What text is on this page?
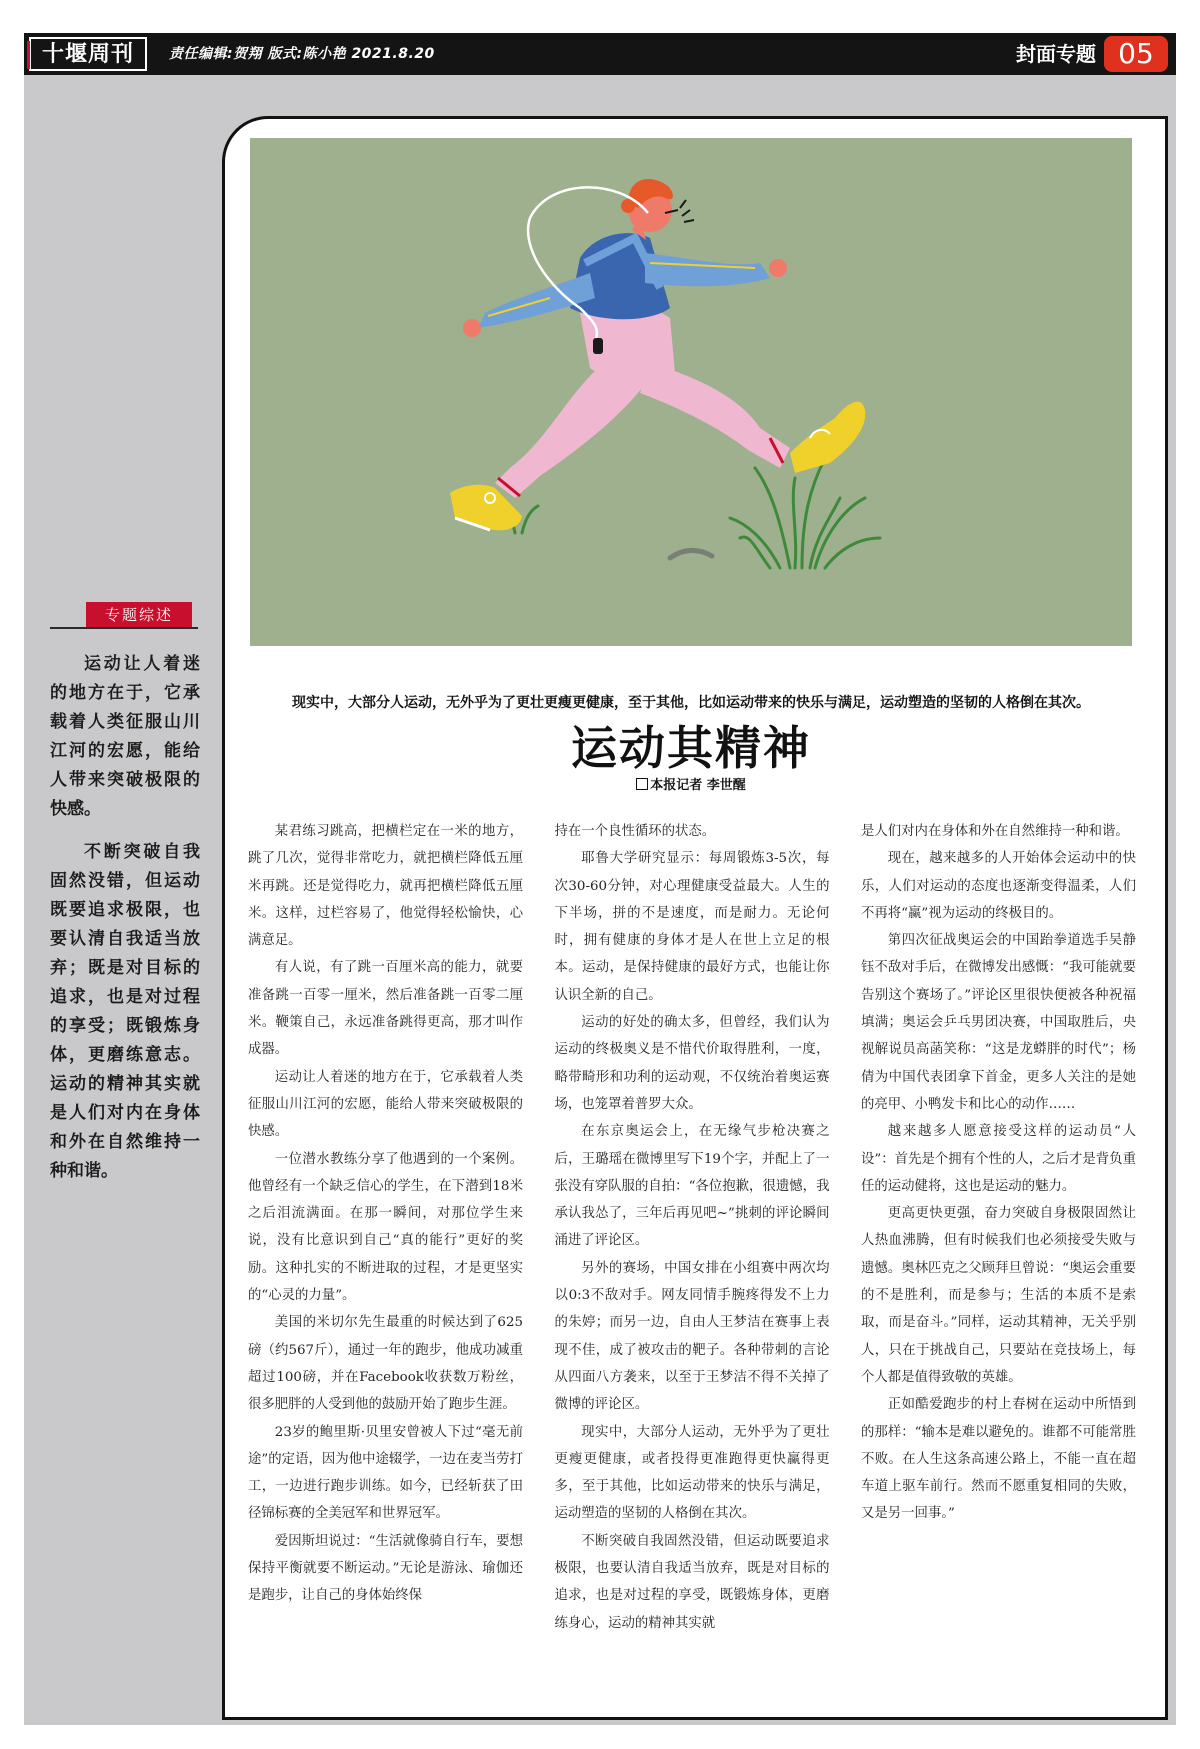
十堰周刊	责任编辑:贺翔 版式:陈小艳 2021.8.20	封面专题 05
专题综述

运动让人着迷的地方在于，它承载着人类征服山川江河的宏愿，能给人带来突破极限的快感。

不断突破自我固然没错，但运动既要追求极限，也要认清自我适当放弃；既是对目标的追求，也是对过程的享受；既锻炼身体，更磨练意志。运动的精神其实就是人们对内在身体和外在自然维持一种和谐。

现实中，大部分人运动，无外乎为了更壮更瘦更健康，至于其他，比如运动带来的快乐与满足，运动塑造的坚韧的人格倒在其次。
运动其精神
本报记者 李世醒

某君练习跳高，把横栏定在一米的地方，跳了几次，觉得非常吃力，就把横栏降低五厘米再跳。还是觉得吃力，就再把横栏降低五厘米。这样，过栏容易了，他觉得轻松愉快，心满意足。

有人说，有了跳一百厘米高的能力，就要准备跳一百零一厘米，然后准备跳一百零二厘米。鞭策自己，永远准备跳得更高，那才叫作成器。

运动让人着迷的地方在于，它承载着人类征服山川江河的宏愿，能给人带来突破极限的快感。

一位潜水教练分享了他遇到的一个案例。他曾经有一个缺乏信心的学生，在下潜到18米之后泪流满面。在那一瞬间，对那位学生来说，没有比意识到自己“真的能行”更好的奖励。这种扎实的不断进取的过程，才是更坚实的“心灵的力量”。

美国的米切尔先生最重的时候达到了625磅（约567斤），通过一年的跑步，他成功减重超过100磅，并在Facebook收获数万粉丝，很多肥胖的人受到他的鼓励开始了跑步生涯。

23岁的鲍里斯·贝里安曾被人下过“毫无前途”的定语，因为他中途辍学，一边在麦当劳打工，一边进行跑步训练。如今，已经斩获了田径锦标赛的全美冠军和世界冠军。

爱因斯坦说过：“生活就像骑自行车，要想保持平衡就要不断运动。”无论是游泳、瑜伽还是跑步，让自己的身体始终保

持在一个良性循环的状态。

耶鲁大学研究显示：每周锻炼3-5次，每次30-60分钟，对心理健康受益最大。人生的下半场，拼的不是速度，而是耐力。无论何时，拥有健康的身体才是人在世上立足的根本。运动，是保持健康的最好方式，也能让你认识全新的自己。

运动的好处的确太多，但曾经，我们认为运动的终极奥义是不惜代价取得胜利，一度，略带畸形和功利的运动观，不仅统治着奥运赛场，也笼罩着普罗大众。

在东京奥运会上，在无缘气步枪决赛之后，王璐瑶在微博里写下19个字，并配上了一张没有穿队服的自拍：“各位抱歉，很遗憾，我承认我怂了，三年后再见吧~”挑刺的评论瞬间涌进了评论区。

另外的赛场，中国女排在小组赛中两次均以0:3不敌对手。网友同情手腕疼得发不上力的朱婷；而另一边，自由人王梦洁在赛事上表现不佳，成了被攻击的靶子。各种带刺的言论从四面八方袭来，以至于王梦洁不得不关掉了微博的评论区。

现实中，大部分人运动，无外乎为了更壮更瘦更健康，或者投得更准跑得更快赢得更多，至于其他，比如运动带来的快乐与满足，运动塑造的坚韧的人格倒在其次。

不断突破自我固然没错，但运动既要追求极限，也要认清自我适当放弃，既是对目标的追求，也是对过程的享受，既锻炼身体，更磨练身心，运动的精神其实就

是人们对内在身体和外在自然维持一种和谐。

现在，越来越多的人开始体会运动中的快乐，人们对运动的态度也逐渐变得温柔，人们不再将“赢”视为运动的终极目的。

第四次征战奥运会的中国跆拳道选手吴静钰不敌对手后，在微博发出感慨：“我可能就要告别这个赛场了。”评论区里很快便被各种祝福填满；奥运会乒乓男团决赛，中国取胜后，央视解说员高菡笑称：“这是龙蟒胖的时代”；杨倩为中国代表团拿下首金，更多人关注的是她的亮甲、小鸭发卡和比心的动作……

越来越多人愿意接受这样的运动员“人设”：首先是个拥有个性的人，之后才是背负重任的运动健将，这也是运动的魅力。

更高更快更强，奋力突破自身极限固然让人热血沸腾，但有时候我们也必须接受失败与遗憾。奥林匹克之父顾拜旦曾说：“奥运会重要的不是胜利，而是参与；生活的本质不是索取，而是奋斗。”同样，运动其精神，无关乎别人，只在于挑战自己，只要站在竞技场上，每个人都是值得致敬的英雄。

正如酷爱跑步的村上春树在运动中所悟到的那样：“输本是难以避免的。谁都不可能常胜不败。在人生这条高速公路上，不能一直在超车道上驱车前行。然而不愿重复相同的失败，又是另一回事。”
